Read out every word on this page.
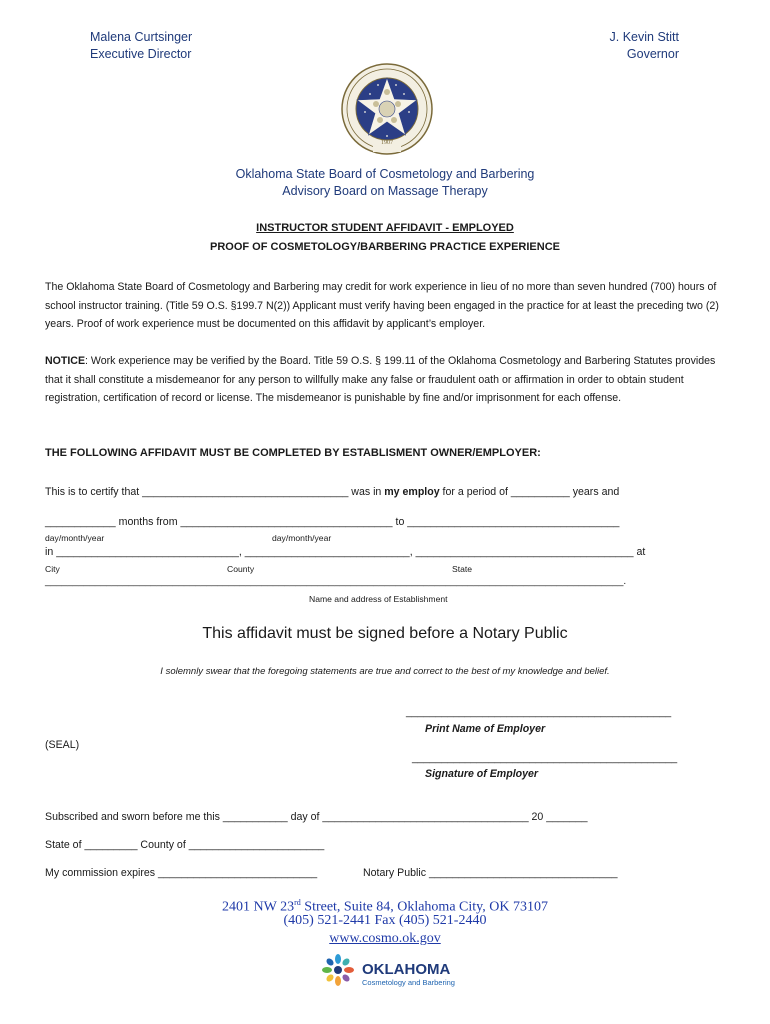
Malena Curtsinger
Executive Director
J. Kevin Stitt
Governor
1907
Oklahoma State Board of Cosmetology and Barbering
Advisory Board on Massage Therapy
INSTRUCTOR STUDENT AFFIDAVIT - EMPLOYED
PROOF OF COSMETOLOGY/BARBERING PRACTICE EXPERIENCE
The Oklahoma State Board of Cosmetology and Barbering may credit for work experience in lieu of no more than seven hundred (700) hours of school instructor training. (Title 59 O.S. §199.7 N(2)) Applicant must verify having been engaged in the practice for at least the preceding two (2) years. Proof of work experience must be documented on this affidavit by applicant’s employer.
NOTICE: Work experience may be verified by the Board. Title 59 O.S. § 199.11 of the Oklahoma Cosmetology and Barbering Statutes provides that it shall constitute a misdemeanor for any person to willfully make any false or fraudulent oath or affirmation in order to obtain student registration, certification of record or license. The misdemeanor is punishable by fine and/or imprisonment for each offense.
THE FOLLOWING AFFIDAVIT MUST BE COMPLETED BY ESTABLISMENT OWNER/EMPLOYER:
This is to certify that ___________________________________ was in my employ for a period of __________ years and
____________ months from ____________________________________ to ____________________________________
day/month/year	day/month/year
in _______________________________, ____________________________, _____________________________________ at
City	County	State
________________________________________________________________________________________________________.
Name and address of Establishment
This affidavit must be signed before a Notary Public
I solemnly swear that the foregoing statements are true and correct to the best of my knowledge and belief.
_____________________________________________
Print Name of Employer
(SEAL)
_____________________________________________
Signature of Employer
Subscribed and sworn before me this ___________ day of ___________________________________ 20 _______
State of _________ County of _______________________
My commission expires ___________________________	Notary Public ________________________________
2401 NW 23rd Street, Suite 84, Oklahoma City, OK 73107
(405) 521-2441 Fax (405) 521-2440
www.cosmo.ok.gov
OKLAHOMA
Cosmetology and Barbering
